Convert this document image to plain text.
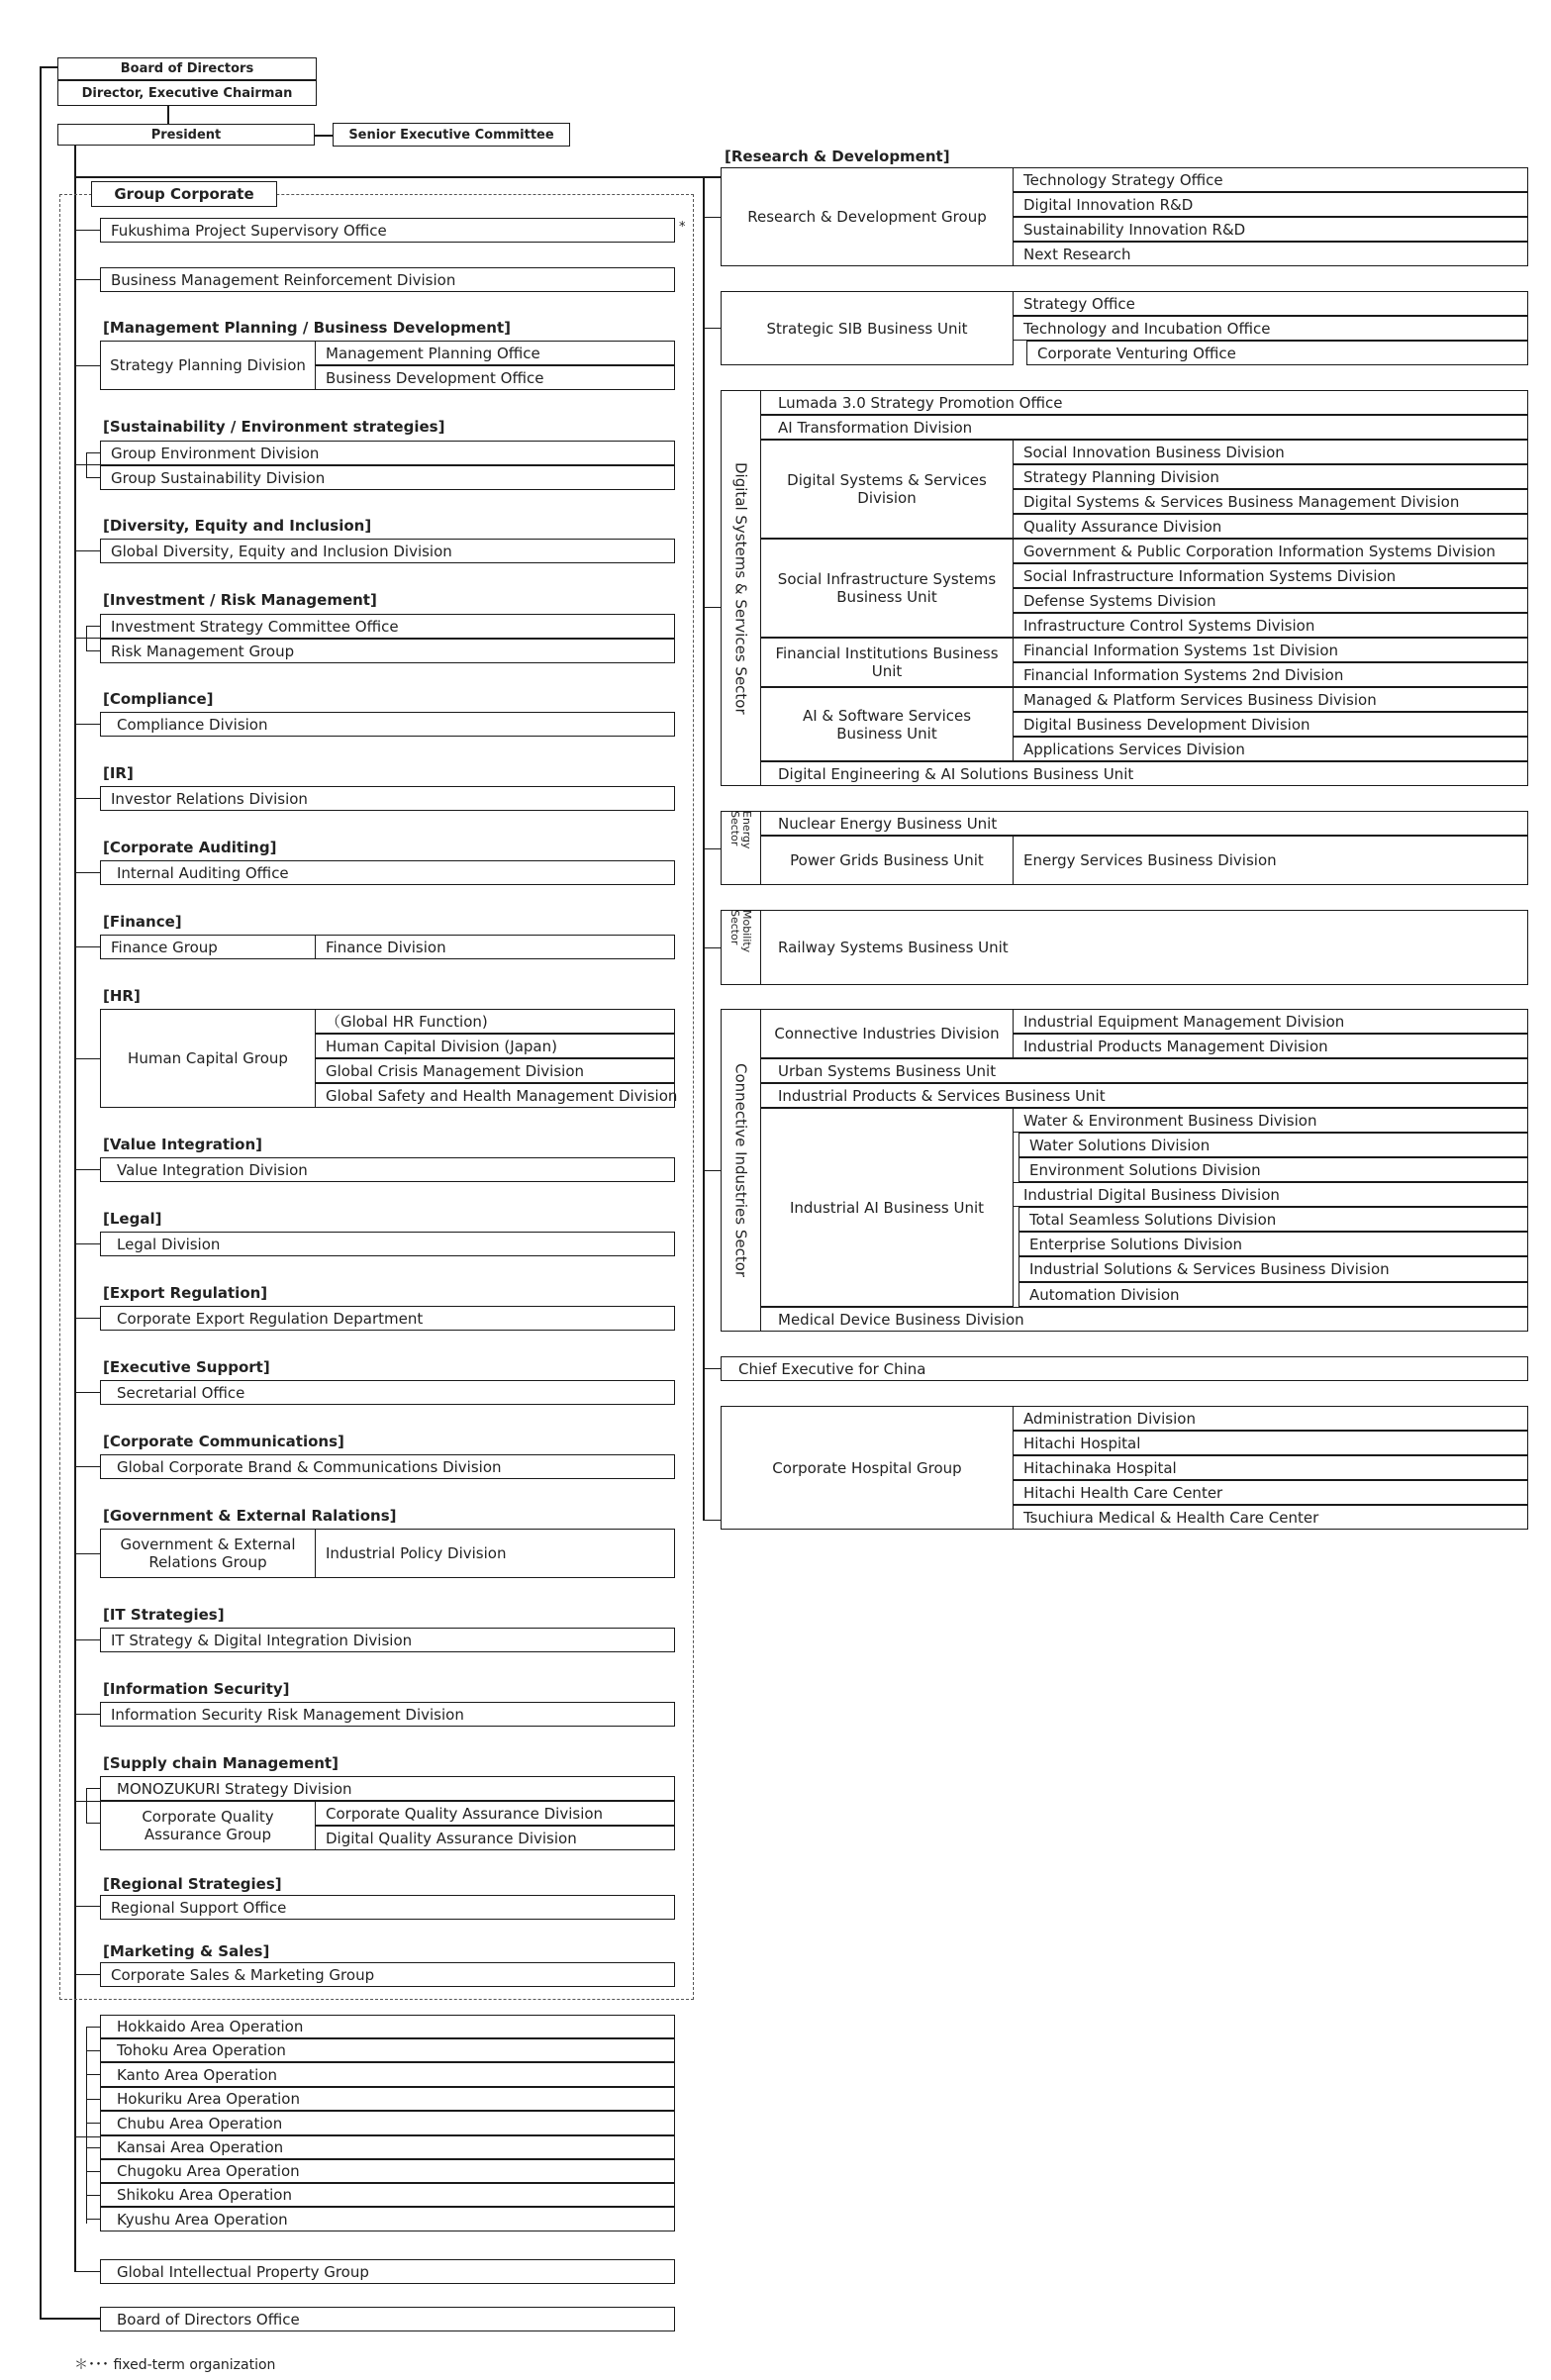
Board of Directors
Director, Executive Chairman
President	Senior Executive Committee
Group Corporate
Fukushima Project Supervisory Office	*
Business Management Reinforcement Division
[Management Planning / Business Development]
Strategy Planning Division
Management Planning Office
Business Development Office
[Sustainability / Environment strategies]
Group Environment Division
Group Sustainability Division
[Diversity, Equity and Inclusion]
Global Diversity, Equity and Inclusion Division
[Investment / Risk Management]
Investment Strategy Committee Office
Risk Management Group
[Compliance]
Compliance Division
[IR]
Investor Relations Division
[Corporate Auditing]
Internal Auditing Office
[Finance]
Finance Group	Finance Division
[HR]
Human Capital Group
（Global HR Function)
Human Capital Division (Japan)
Global Crisis Management Division
Global Safety and Health Management Division
[Value Integration]
Value Integration Division
[Legal]
Legal Division
[Export Regulation]
Corporate Export Regulation Department
[Executive Support]
Secretarial Office
[Corporate Communications]
Global Corporate Brand & Communications Division
[Government & External Ralations]
Government & External Relations Group	Industrial Policy Division
[IT Strategies]
IT Strategy & Digital Integration Division
[Information Security]
Information Security Risk Management Division
[Supply chain Management]
MONOZUKURI Strategy Division
Corporate Quality Assurance Group
Corporate Quality Assurance Division
Digital Quality Assurance Division
[Regional Strategies]
Regional Support Office
[Marketing & Sales]
Corporate Sales & Marketing Group
Hokkaido Area Operation
Tohoku Area Operation
Kanto Area Operation
Hokuriku Area Operation
Chubu Area Operation
Kansai Area Operation
Chugoku Area Operation
Shikoku Area Operation
Kyushu Area Operation
Global Intellectual Property Group
Board of Directors Office
＊･･･ fixed-term organization
[Research & Development]
Research & Development Group
Technology Strategy Office
Digital Innovation R&D
Sustainability Innovation R&D
Next Research
Strategic SIB Business Unit
Strategy Office
Technology and Incubation Office
Corporate Venturing Office
Digital Systems & Services Sector
Lumada 3.0 Strategy Promotion Office
AI Transformation Division
Digital Systems & Services Division
Social Innovation Business Division
Strategy Planning Division
Digital Systems & Services Business Management Division
Quality Assurance Division
Social Infrastructure Systems Business Unit
Government & Public Corporation Information Systems Division
Social Infrastructure Information Systems Division
Defense Systems Division
Infrastructure Control Systems Division
Financial Institutions Business Unit
Financial Information Systems 1st Division
Financial Information Systems 2nd Division
AI & Software Services Business Unit
Managed & Platform Services Business Division
Digital Business Development Division
Applications Services Division
Digital Engineering & AI Solutions Business Unit
Energy Sector	Nuclear Energy Business Unit
Power Grids Business Unit	Energy Services Business Division
Mobility Sector
Railway Systems Business Unit
Connective Industries Sector
Connective Industries Division
Industrial Equipment Management Division
Industrial Products Management Division
Urban Systems Business Unit
Industrial Products & Services Business Unit
Industrial AI Business Unit
Water & Environment Business Division
Water Solutions Division
Environment Solutions Division
Industrial Digital Business Division
Total Seamless Solutions Division
Enterprise Solutions Division
Industrial Solutions & Services Business Division
Automation Division
Medical Device Business Division
Chief Executive for China
Corporate Hospital Group
Administration Division
Hitachi Hospital
Hitachinaka Hospital
Hitachi Health Care Center
Tsuchiura Medical & Health Care Center
